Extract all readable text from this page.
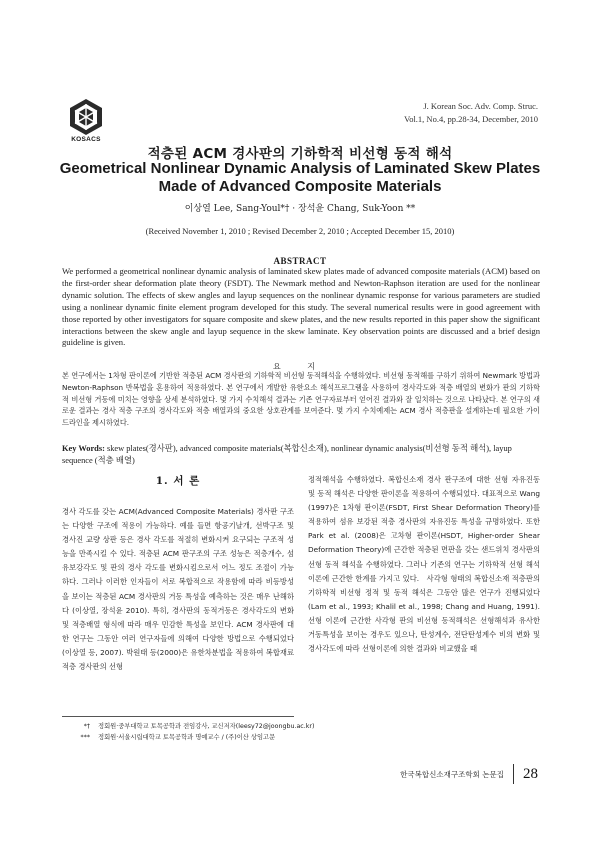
KOSACS
J. Korean Soc. Adv. Comp. Struc.
Vol.1, No.4, pp.28-34, December, 2010
적층된 ACM 경사판의 기하학적 비선형 동적 해석
Geometrical Nonlinear Dynamic Analysis of Laminated Skew Plates
Made of Advanced Composite Materials
이상열 Lee, Sang-Youl*† · 장석윤 Chang, Suk-Yoon **
(Received November 1, 2010 ; Revised December 2, 2010 ; Accepted December 15, 2010)
ABSTRACT
We performed a geometrical nonlinear dynamic analysis of laminated skew plates made of advanced composite materials (ACM) based on the first-order shear deformation plate theory (FSDT). The Newmark method and Newton-Raphson iteration are used for the nonlinear dynamic solution. The effects of skew angles and layup sequences on the nonlinear dynamic response for various parameters are studied using a nonlinear dynamic finite element program developed for this study. The several numerical results were in good agreement with those reported by other investigators for square composite and skew plates, and the new results reported in this paper show the significant interactions between the skew angle and layup sequence in the skew laminate. Key observation points are discussed and a brief design guideline is given.
요 지
본 연구에서는 1차형 판이론에 기반한 적층된 ACM 경사판의 기하학적 비선형 동적해석을 수행하였다. 비선형 동적해를 구하기 위하여 Newmark 방법과 Newton-Raphson 반복법을 혼용하여 적용하였다. 본 연구에서 개발한 유한요소 해석프로그램을 사용하여 경사각도와 적층 배열의 변화가 판의 기하학적 비선형 거동에 미치는 영향을 상세 분석하였다. 몇 가지 수치해석 결과는 기존 연구자료부터 얻어진 결과와 잘 일치하는 것으로 나타났다. 본 연구의 새로운 결과는 경사 적층 구조의 경사각도와 적층 배열과의 중요한 상호관계를 보여준다. 몇 가지 수치예제는 ACM 경사 적층판을 설계하는데 필요한 가이드라인을 제시하였다.
Key Words: skew plates(경사판), advanced composite materials(복합신소재), nonlinear dynamic analysis(비선형 동적 해석), layup sequence (적층 배열)
1. 서 론
경사 각도를 갖는 ACM(Advanced Composite Materials) 경사판 구조는 다양한 구조에 적용이 가능하다. 예를 들면 항공기날개, 선박구조 및 경사진 교량 상판 등은 경사 각도를 적절히 변화시켜 요구되는 구조적 성능을 만족시킬 수 있다. 적층된 ACM 판구조의 구조 성능은 적층개수, 섬유보강각도 및 판의 경사 각도를 변화시킴으로서 어느 정도 조절이 가능하다. 그러나 이러한 인자들이 서로 복합적으로 작용함에 따라 비등방성을 보이는 적층된 ACM 경사판의 거동 특성을 예측하는 것은 매우 난해하다 (이상열, 장석윤 2010). 특히, 경사판의 동적거동은 경사각도의 변화 및 적층배열 형식에 따라 매우 민감한 특성을 보인다. ACM 경사판에 대한 연구는 그동안 여러 연구자들에 의해여 다양한 방법으로 수행되었다 (이상열 등, 2007). 박원태 등(2000)은 유한차분법을 적용하여 복합재료 적층 경사판의 선형
정적해석을 수행하였다. 복합신소재 경사 판구조에 대한 선형 자유진동 및 동적 해석은 다양한 판이론을 적용하여 수행되었다. 대표적으로 Wang (1997)은 1차형 판이론(FSDT, First Shear Deformation Theory)를 적용하여 섬유 보강된 적층 경사판의 자유진동 특성을 규명하였다. 또한 Park et al. (2008)은 고차형 판이론(HSDT, Higher-order Shear Deformation Theory)에 근간한 적층된 면판을 갖는 샌드위치 경사판의 선형 동적 해석을 수행하였다. 그러나 기존의 연구는 기하학적 선형 해석 이론에 근간한 한계를 가지고 있다.   사각형 형태의 복합신소재 적층판의 기하학적 비선형 정적 및 동적 해석은 그동안 많은 연구가 진행되었다 (Lam et al., 1993; Khalil et al., 1998; Chang and Huang, 1991). 선형 이론에 근간한 사각형 판의 비선형 동적해석은 선형해석과 유사한 거동특성을 보이는 경우도 있으나, 탄성계수, 전단탄성계수 비의 변화 및 경사각도에 따라 선형이론에 의한 결과와 비교했을 때
*† 정회원·중부대학교 토목공학과 전임강사, 교신저자(leesy72@joongbu.ac.kr)
*** 정회원·서울시립대학교 토목공학과 명예교수 / (주)이산 상임고문
한국복합신소재구조학회 논문집 28
